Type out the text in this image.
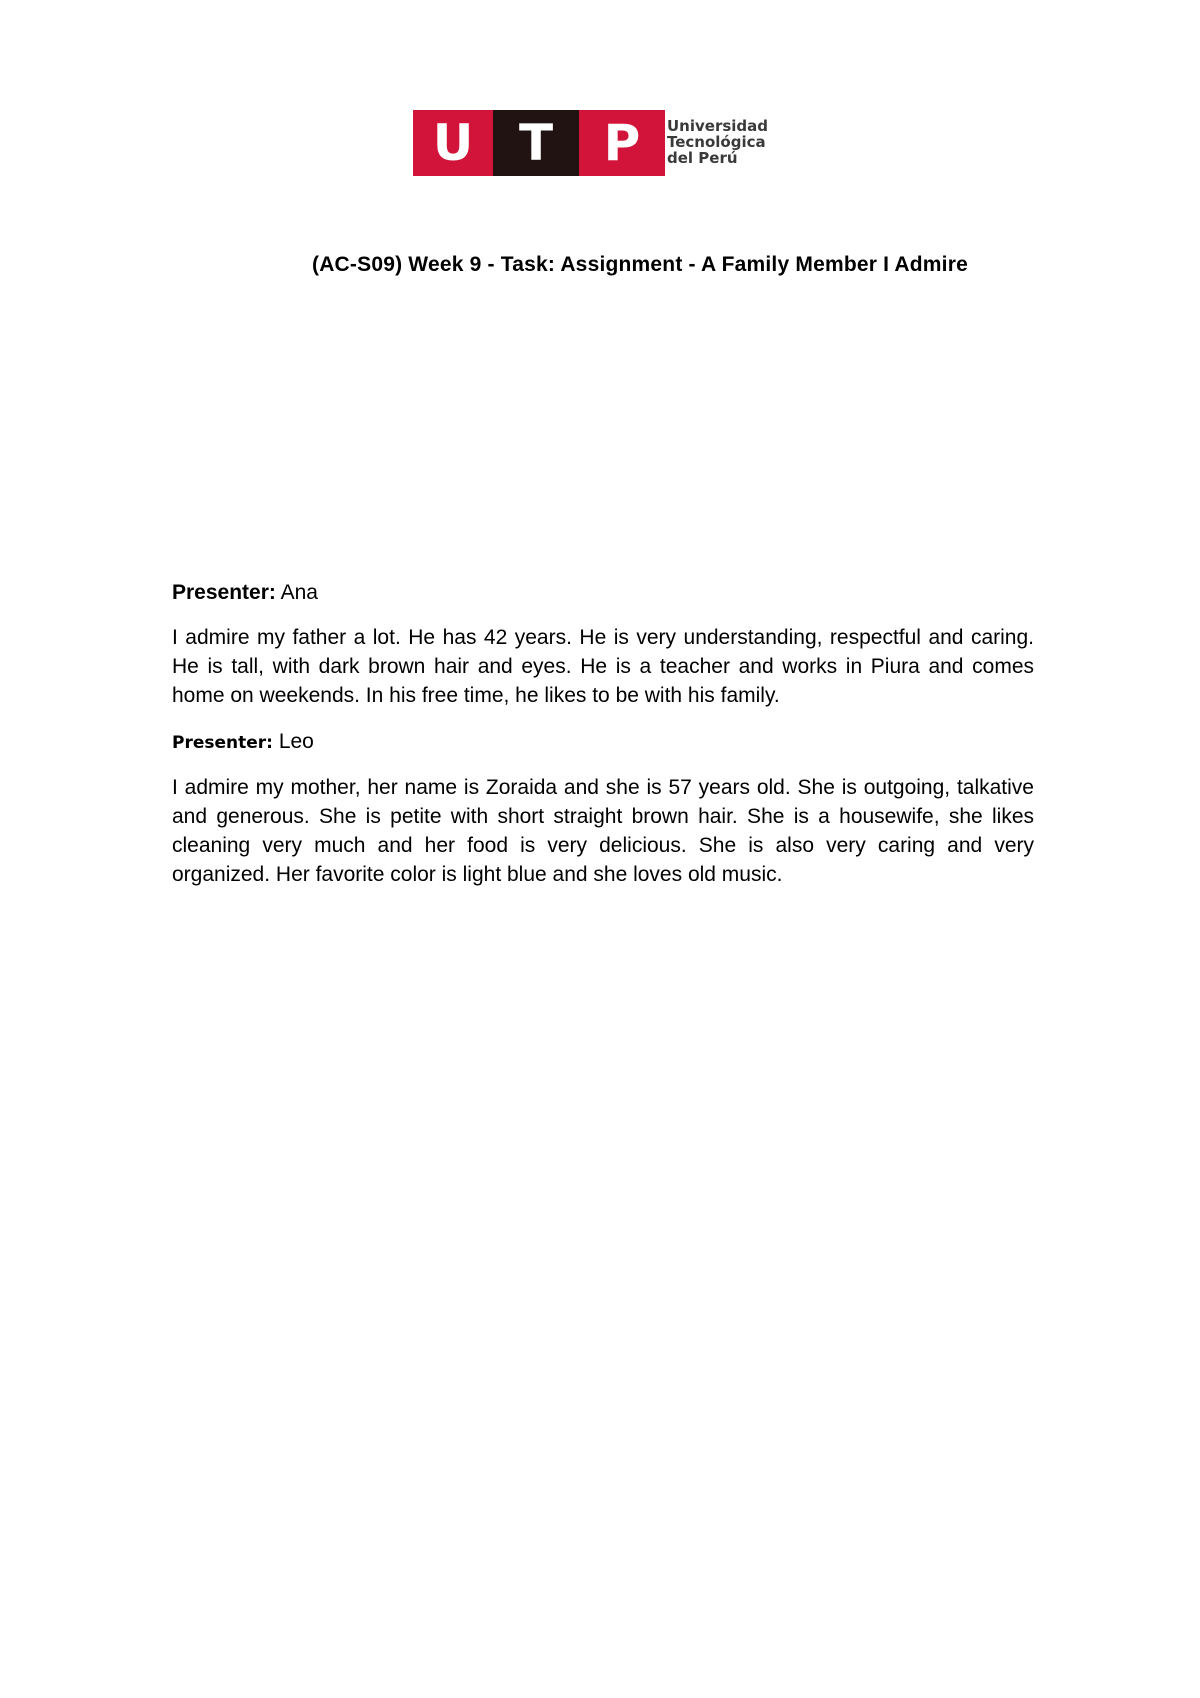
U T	P	Universidad
Tecnológica
del Perú
(AC-S09) Week 9 - Task: Assignment - A Family Member I Admire
Presenter: Ana

I admire my father a lot. He has 42 years. He is very understanding, respectful and caring. He is tall, with dark brown hair and eyes. He is a teacher and works in Piura and comes home on weekends. In his free time, he likes to be with his family.

Presenter: Leo

I admire my mother, her name is Zoraida and she is 57 years old. She is outgoing, talkative and generous. She is petite with short straight brown hair. She is a housewife, she likes cleaning very much and her food is very delicious. She is also very caring and very organized. Her favorite color is light blue and she loves old music.
